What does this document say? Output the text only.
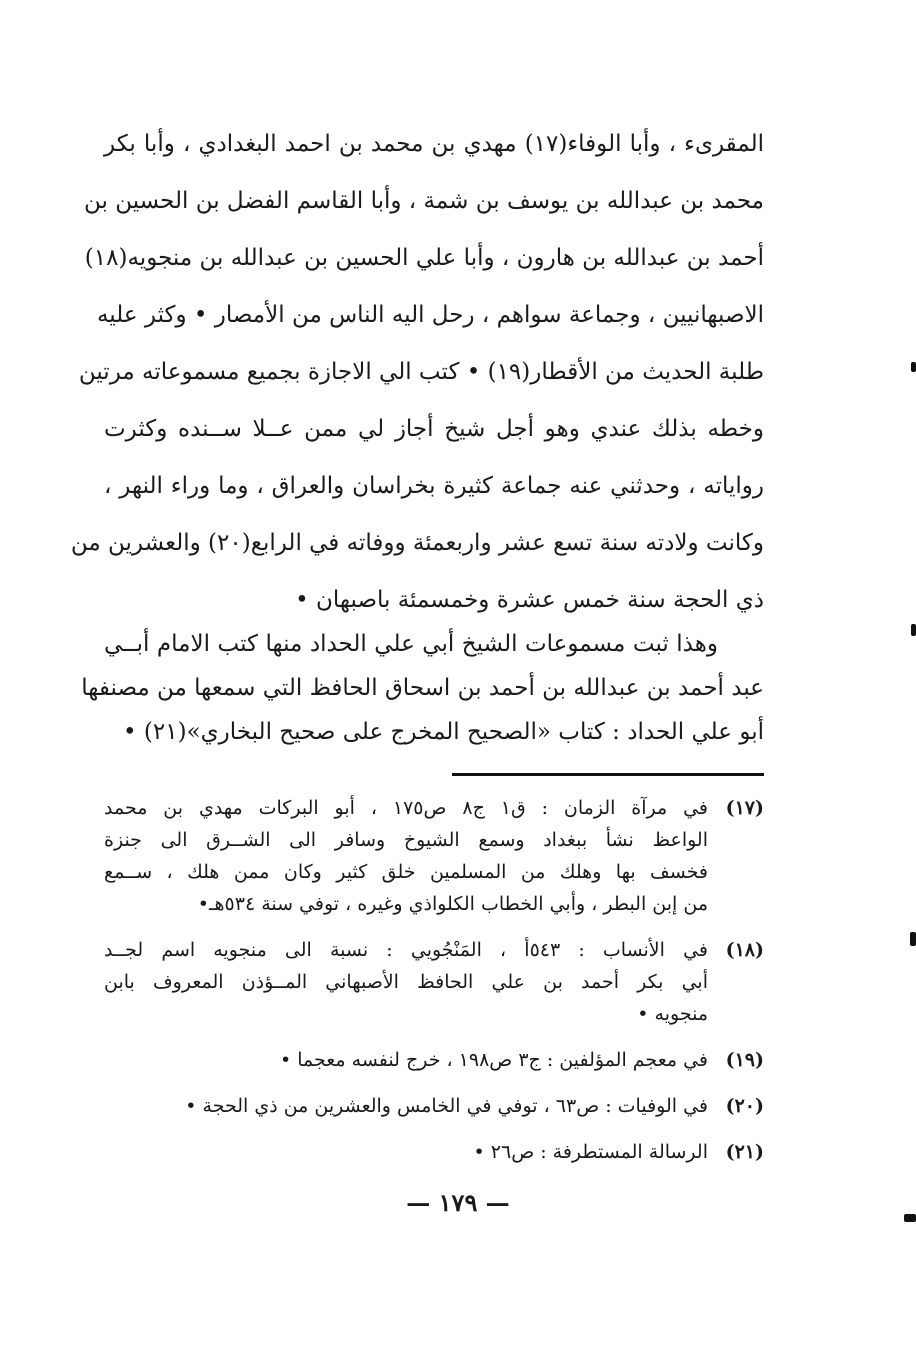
المقرىء ، وأبا الوفاء(١٧) مهدي بن محمد بن احمد البغدادي ، وأبا بكر
محمد بن عبدالله بن يوسف بن شمة ، وأبا القاسم الفضل بن الحسين بن
أحمد بن عبدالله بن هارون ، وأبا علي الحسين بن عبدالله بن منجويه(١٨)
الاصبهانيين ، وجماعة سواهم ، رحل اليه الناس من الأمصار • وكثر عليه
طلبة الحديث من الأقطار(١٩) • كتب الي الاجازة بجميع مسموعاته مرتين
وخطه بذلك عندي وهو أجل شيخ أجاز لي ممن عــلا ســنده وكثرت
رواياته ، وحدثني عنه جماعة كثيرة بخراسان والعراق ، وما وراء النهر ،
وكانت ولادته سنة تسع عشر واربعمئة ووفاته في الرابع(٢٠) والعشرين من
ذي الحجة سنة خمس عشرة وخمسمئة باصبهان •
وهذا ثبت مسموعات الشيخ أبي علي الحداد منها كتب الامام أبــي
عبد أحمد بن عبدالله بن أحمد بن اسحاق الحافظ التي سمعها من مصنفها
أبو علي الحداد : كتاب «الصحيح المخرج على صحيح البخاري»(٢١) •
(١٧)
في مرآة الزمان : ق١ ج٨ ص١٧٥ ، أبو البركات مهدي بن محمد
الواعظ نشأ ببغداد وسمع الشيوخ وسافر الى الشــرق الى جنزة
فخسف بها وهلك من المسلمين خلق كثير وكان ممن هلك ، ســمع
من إبن البطر ، وأبي الخطاب الكلواذي وغيره ، توفي سنة ٥٣٤هـ•
(١٨)
في الأنساب : ٥٤٣أ ، المَنْجُويي : نسبة الى منجويه اسم لجــد
أبي بكر أحمد بن علي الحافظ الأصبهاني المــؤذن المعروف بابن
منجويه •
(١٩)
في معجم المؤلفين : ج٣ ص١٩٨ ، خرج لنفسه معجما •
(٢٠)
في الوفيات : ص٦٣ ، توفي في الخامس والعشرين من ذي الحجة •
(٢١)
الرسالة المستطرفة : ص٢٦ •
— ١٧٩ —
